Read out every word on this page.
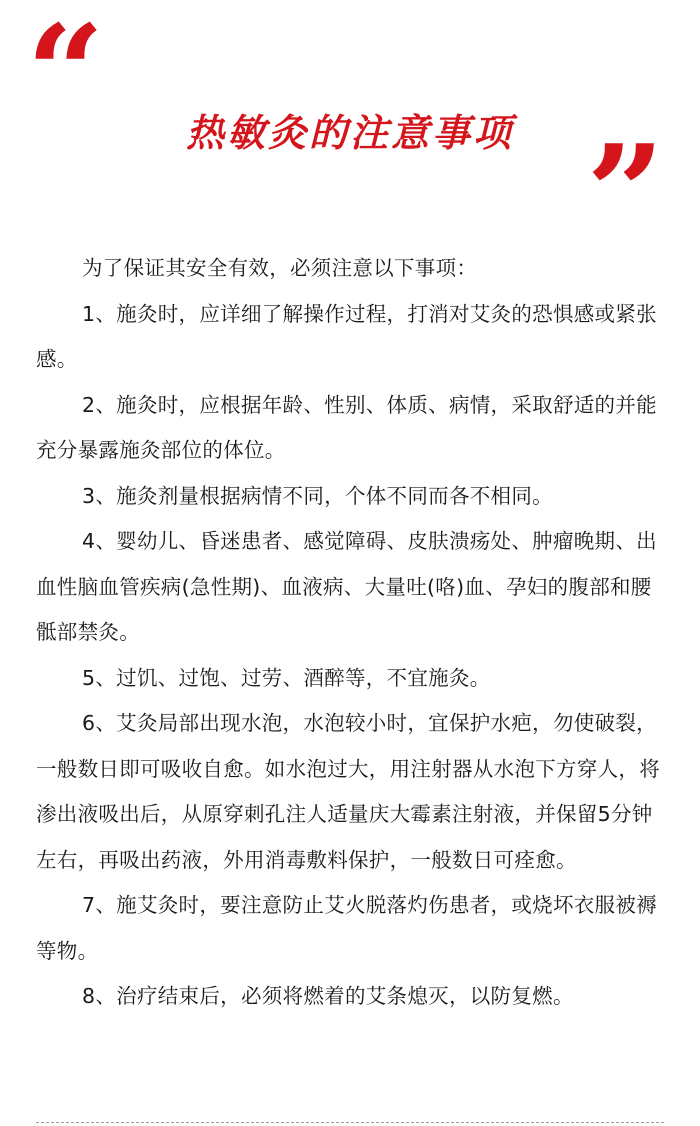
“	热敏灸的注意事项 ”

为了保证其安全有效，必须注意以下事项：

1、施灸时，应详细了解操作过程，打消对艾灸的恐惧感或紧张感。

2、施灸时，应根据年龄、性别、体质、病情，采取舒适的并能充分暴露施灸部位的体位。

3、施灸剂量根据病情不同，个体不同而各不相同。

4、婴幼儿、昏迷患者、感觉障碍、皮肤溃疡处、肿瘤晚期、出血性脑血管疾病(急性期)、血液病、大量吐(咯)血、孕妇的腹部和腰骶部禁灸。

5、过饥、过饱、过劳、酒醉等，不宜施灸。

6、艾灸局部出现水泡，水泡较小时，宜保护水疤，勿使破裂，一般数日即可吸收自愈。如水泡过大，用注射器从水泡下方穿人，将渗出液吸出后，从原穿刺孔注人适量庆大霉素注射液，并保留5分钟左右，再吸出药液，外用消毒敷料保护，一般数日可痊愈。

7、施艾灸时，要注意防止艾火脱落灼伤患者，或烧坏衣服被褥等物。

8、治疗结束后，必须将燃着的艾条熄灭，以防复燃。
